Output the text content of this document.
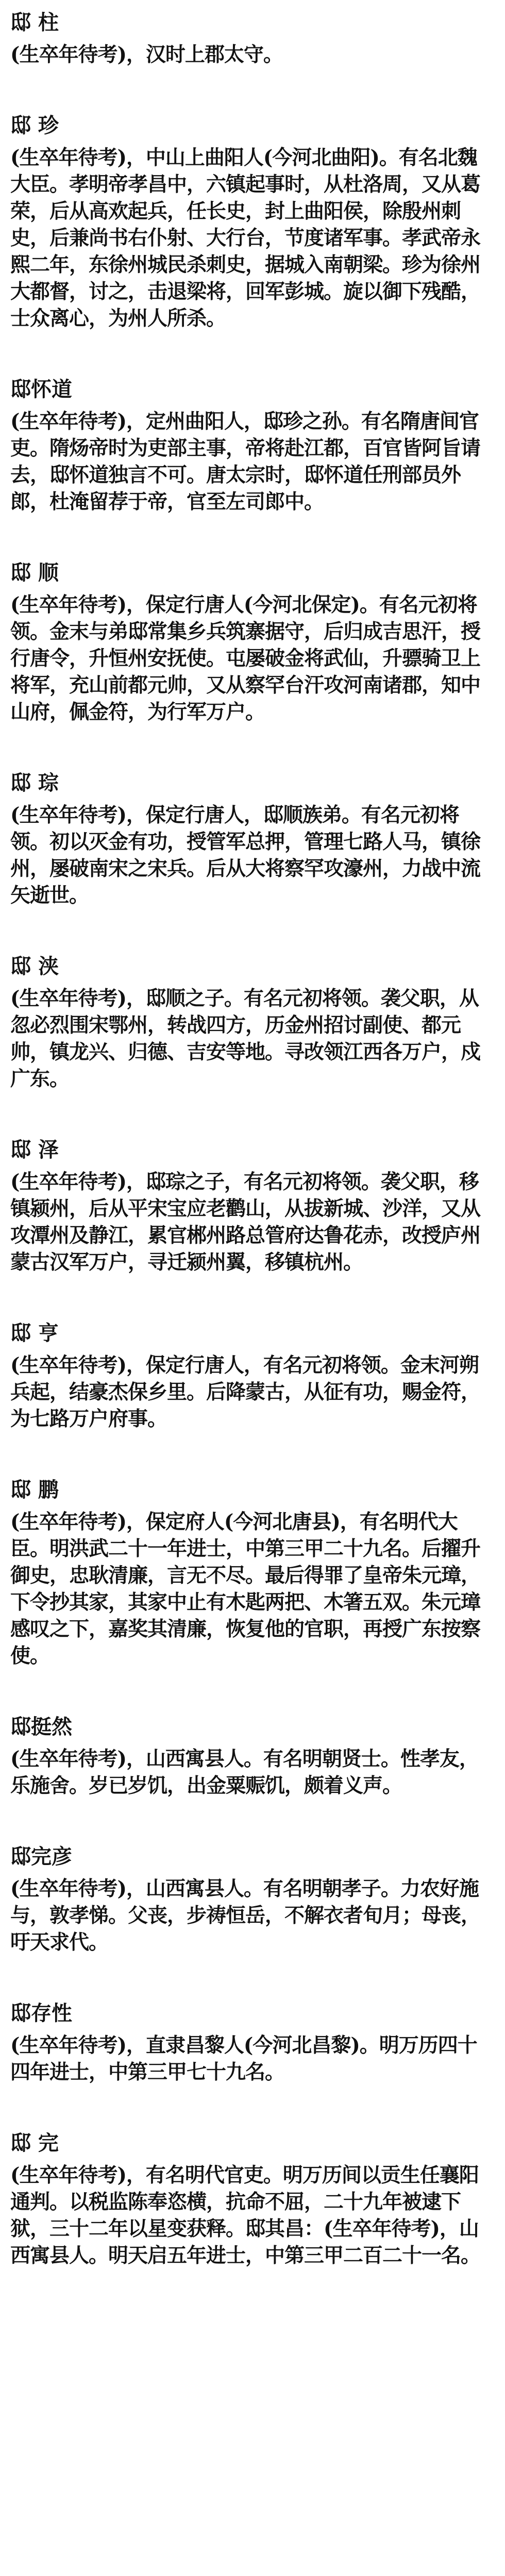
邸 柱
(生卒年待考)，汉时上郡太守。
邸 珍
(生卒年待考)，中山上曲阳人(今河北曲阳)。有名北魏大臣。孝明帝孝昌中，六镇起事时，从杜洛周，又从葛荣，后从高欢起兵，任长史，封上曲阳侯，除殷州刺史，后兼尚书右仆射、大行台，节度诸军事。孝武帝永熙二年，东徐州城民杀刺史，据城入南朝梁。珍为徐州大都督，讨之，击退梁将，回军彭城。旋以御下残酷，士众离心，为州人所杀。
邸怀道
(生卒年待考)，定州曲阳人，邸珍之孙。有名隋唐间官吏。隋炀帝时为吏部主事，帝将赴江都，百官皆阿旨请去，邸怀道独言不可。唐太宗时，邸怀道任刑部员外郎，杜淹留荐于帝，官至左司郎中。
邸 顺
(生卒年待考)，保定行唐人(今河北保定)。有名元初将领。金末与弟邸常集乡兵筑寨据守，后归成吉思汗，授行唐令，升恒州安抚使。屯屡破金将武仙，升骠骑卫上将军，充山前都元帅，又从察罕台汗攻河南诸郡，知中山府，佩金符，为行军万户。
邸 琮
(生卒年待考)，保定行唐人，邸顺族弟。有名元初将领。初以灭金有功，授管军总押，管理七路人马，镇徐州，屡破南宋之宋兵。后从大将察罕攻濠州，力战中流矢逝世。
邸 浃
(生卒年待考)，邸顺之子。有名元初将领。袭父职，从忽必烈围宋鄂州，转战四方，历金州招讨副使、都元帅，镇龙兴、归德、吉安等地。寻改领江西各万户，戍广东。
邸 泽
(生卒年待考)，邸琮之子，有名元初将领。袭父职，移镇颍州，后从平宋宝应老鹳山，从拔新城、沙洋，又从攻潭州及静江，累官郴州路总管府达鲁花赤，改授庐州蒙古汉军万户，寻迁颍州翼，移镇杭州。
邸 亨
(生卒年待考)，保定行唐人，有名元初将领。金末河朔兵起，结豪杰保乡里。后降蒙古，从征有功，赐金符，为七路万户府事。
邸 鹏
(生卒年待考)，保定府人(今河北唐县)，有名明代大臣。明洪武二十一年进士，中第三甲二十九名。后擢升御史，忠耿清廉，言无不尽。最后得罪了皇帝朱元璋，下令抄其家，其家中止有木匙两把、木箸五双。朱元璋感叹之下，嘉奖其清廉，恢复他的官职，再授广东按察使。
邸挺然
(生卒年待考)，山西寓县人。有名明朝贤士。性孝友，乐施舍。岁已岁饥，出金粟赈饥，颇着义声。
邸完彦
(生卒年待考)，山西寓县人。有名明朝孝子。力农好施与，敦孝悌。父丧，步祷恒岳，不解衣者旬月；母丧，吁天求代。
邸存性
(生卒年待考)，直隶昌黎人(今河北昌黎)。明万历四十四年进士，中第三甲七十九名。
邸 完
(生卒年待考)，有名明代官吏。明万历间以贡生任襄阳通判。以税监陈奉恣横，抗命不屈，二十九年被逮下狱，三十二年以星变获释。邸其昌：(生卒年待考)，山西寓县人。明天启五年进士，中第三甲二百二十一名。
